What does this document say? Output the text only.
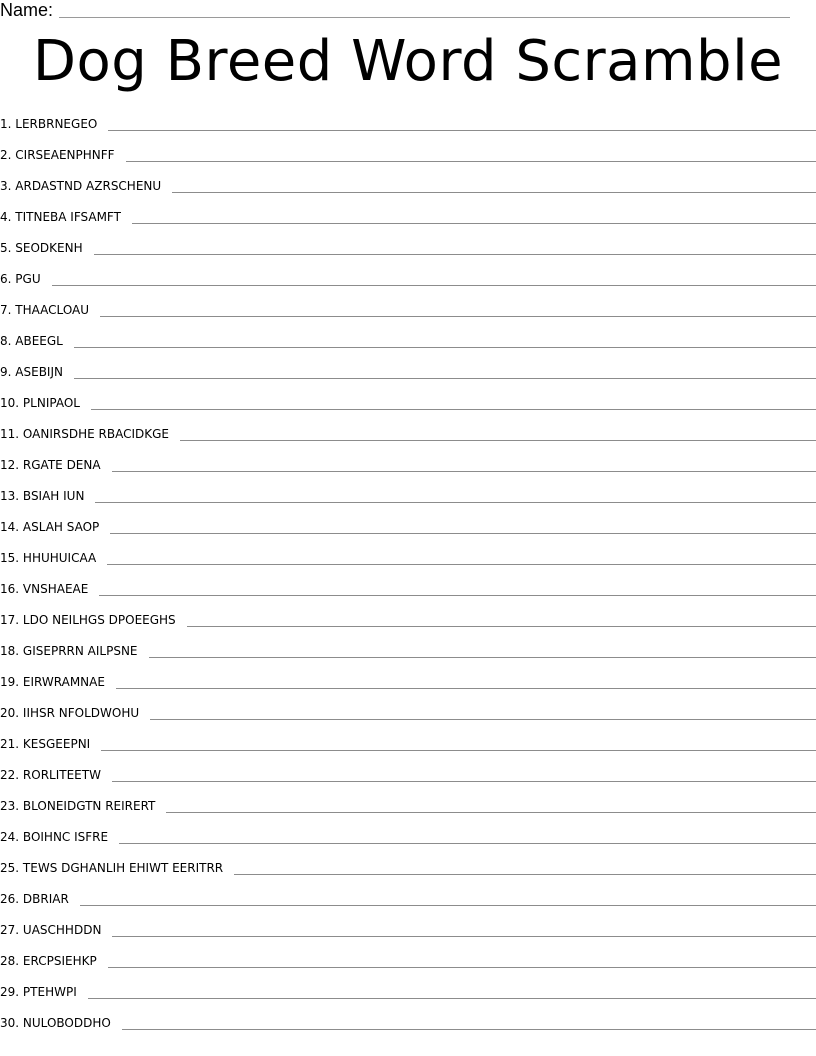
Name:
Dog Breed Word Scramble
1. LERBRNEGEO
2. CIRSEAENPHNFF
3. ARDASTND AZRSCHENU
4. TITNEBA IFSAMFT
5. SEODKENH
6. PGU
7. THAACLOAU
8. ABEEGL
9. ASEBIJN
10. PLNIPAOL
11. OANIRSDHE RBACIDKGE
12. RGATE DENA
13. BSIAH IUN
14. ASLAH SAOP
15. HHUHUICAA
16. VNSHAEAE
17. LDO NEILHGS DPOEEGHS
18. GISEPRRN AILPSNE
19. EIRWRAMNAE
20. IIHSR NFOLDWOHU
21. KESGEEPNI
22. RORLITEETW
23. BLONEIDGTN REIRERT
24. BOIHNC ISFRE
25. TEWS DGHANLIH EHIWT EERITRR
26. DBRIAR
27. UASCHHDDN
28. ERCPSIEHKP
29. PTEHWPI
30. NULOBODDHO
